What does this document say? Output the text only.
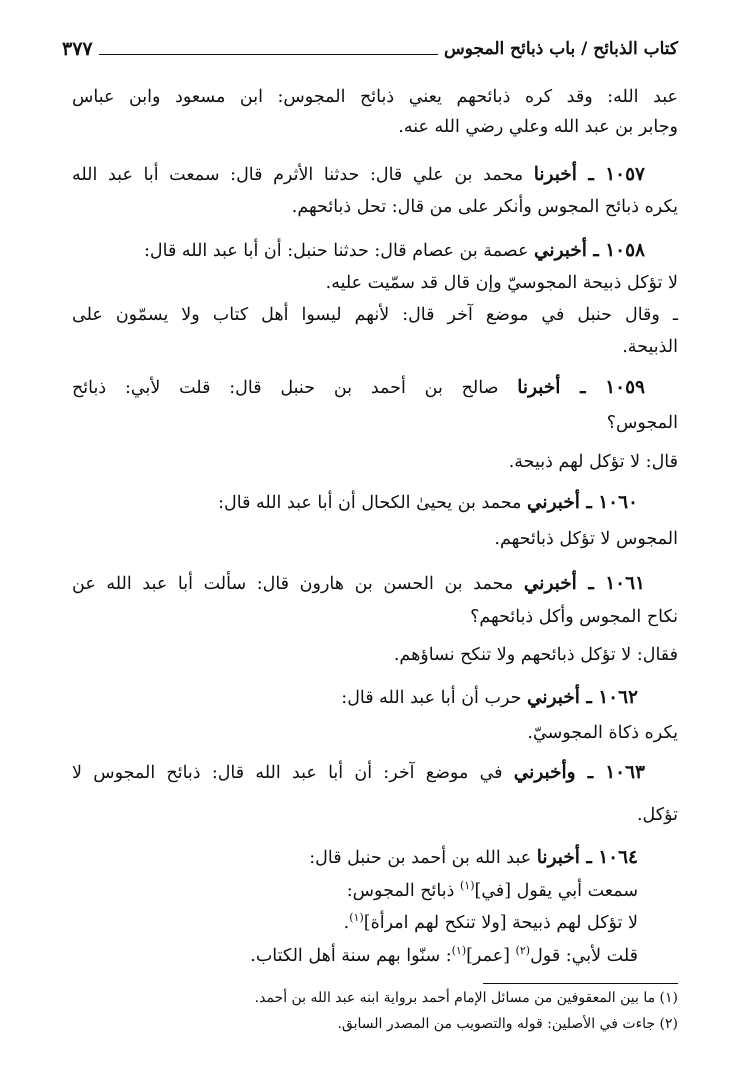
كتاب الذبائح / باب ذبائح المجوس
٣٧٧
عبد الله: وقد كره ذبائحهم يعني ذبائح المجوس: ابن مسعود وابن عباس
وجابر بن عبد الله وعلي رضي الله عنه.
١٠٥٧ ـ أخبرنا محمد بن علي قال: حدثنا الأثرم قال: سمعت أبا عبد الله
يكره ذبائح المجوس وأنكر على من قال: تحل ذبائحهم.
١٠٥٨ ـ أخبرني عصمة بن عصام قال: حدثنا حنبل: أن أبا عبد الله قال:
لا تؤكل ذبيحة المجوسيّ وإن قال قد سمّيت عليه.
ـ وقال حنبل في موضع آخر قال: لأنهم ليسوا أهل كتاب ولا يسمّون على
الذبيحة.
١٠٥٩ ـ أخبرنا صالح بن أحمد بن حنبل قال: قلت لأبي: ذبائح
المجوس؟
قال: لا تؤكل لهم ذبيحة.
١٠٦٠ ـ أخبرني محمد بن يحيىٰ الكحال أن أبا عبد الله قال:
المجوس لا تؤكل ذبائحهم.
١٠٦١ ـ أخبرني محمد بن الحسن بن هارون قال: سألت أبا عبد الله عن
نكاح المجوس وأكل ذبائحهم؟
فقال: لا تؤكل ذبائحهم ولا تنكح نساؤهم.
١٠٦٢ ـ أخبرني حرب أن أبا عبد الله قال:
يكره ذكاة المجوسيّ.
١٠٦٣ ـ وأخبرني في موضع آخر: أن أبا عبد الله قال: ذبائح المجوس لا
تؤكل.
١٠٦٤ ـ أخبرنا عبد الله بن أحمد بن حنبل قال:
سمعت أبي يقول [في]$^{(١)}$ ذبائح المجوس:
لا تؤكل لهم ذبيحة [ولا تنكح لهم امرأة]$^{(١)}$.
قلت لأبي: قول$^{(٢)}$ [عمر]$^{(١)}$: سنّوا بهم سنة أهل الكتاب.
(١) ما بين المعقوفين من مسائل الإمام أحمد برواية ابنه عبد الله بن أحمد.
(٢) جاءت في الأصلين: قوله والتصويب من المصدر السابق.
